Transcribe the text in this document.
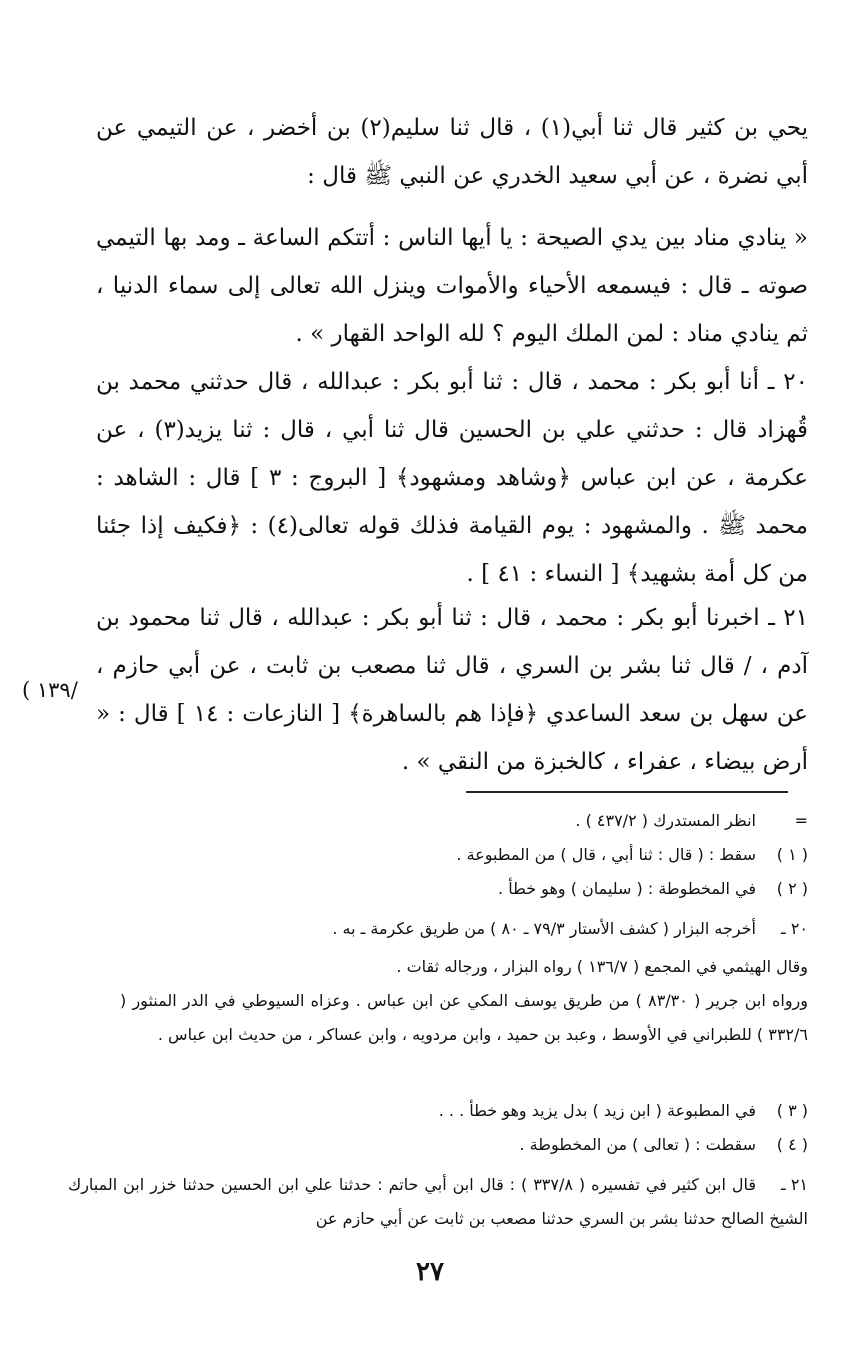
يحي بن كثير قال ثنا أبي(١) ، قال ثنا سليم(٢) بن أخضر ، عن التيمي عن أبي نضرة ، عن أبي سعيد الخدري عن النبي ﷺ قال :

« ينادي مناد بين يدي الصيحة : يا أيها الناس : أتتكم الساعة ـ ومد بها التيمي صوته ـ قال : فيسمعه الأحياء والأموات وينزل الله تعالى إلى سماء الدنيا ، ثم ينادي مناد : لمن الملك اليوم ؟ لله الواحد القهار » .

٢٠ ـ أنا أبو بكر : محمد ، قال : ثنا أبو بكر : عبدالله ، قال حدثني محمد بن قُهزاد قال : حدثني علي بن الحسين قال ثنا أبي ، قال : ثنا يزيد(٣) ، عن عكرمة ، عن ابن عباس ﴿وشاهد ومشهود﴾ [ البروج : ٣ ] قال : الشاهد : محمد ﷺ . والمشهود : يوم القيامة فذلك قوله تعالى(٤) : ﴿فكيف إذا جئنا من كل أمة بشهيد﴾ [ النساء : ٤١ ] .

٢١ ـ اخبرنا أبو بكر : محمد ، قال : ثنا أبو بكر : عبدالله ، قال ثنا محمود بن آدم ، / قال ثنا بشر بن السري ، قال ثنا مصعب بن ثابت ، عن أبي حازم ، عن سهل بن سعد الساعدي ﴿فإذا هم بالساهرة﴾ [ النازعات : ١٤ ] قال : « أرض بيضاء ، عفراء ، كالخبزة من النقي » .

( ١٣٩/

=انظر المستدرك ( ٤٣٧/٢ ) .

( ١ )سقط : ( قال : ثنا أبي ، قال ) من المطبوعة .

( ٢ )في المخطوطة : ( سليمان ) وهو خطأ .

٢٠ ـأخرجه البزار ( كشف الأستار ٧٩/٣ ـ ٨٠ ) من طريق عكرمة ـ به .

وقال الهيثمي في المجمع ( ١٣٦/٧ ) رواه البزار ، ورجاله ثقات .

ورواه ابن جرير ( ٨٣/٣٠ ) من طريق يوسف المكي عن ابن عباس . وعزاه السيوطي في الدر المنثور ( ٣٣٢/٦ ) للطبراني في الأوسط ، وعبد بن حميد ، وابن مردويه ، وابن عساكر ، من حديث ابن عباس .

( ٣ )في المطبوعة ( ابن زيد ) بدل يزيد وهو خطأ . . .

( ٤ )سقطت : ( تعالى ) من المخطوطة .

٢١ ـقال ابن كثير في تفسيره ( ٣٣٧/٨ ) : قال ابن أبي حاتم : حدثنا علي ابن الحسين حدثنا خزر ابن المبارك الشيخ الصالح حدثنا بشر بن السري حدثنا مصعب بن ثابت عن أبي حازم عن

٢٧
